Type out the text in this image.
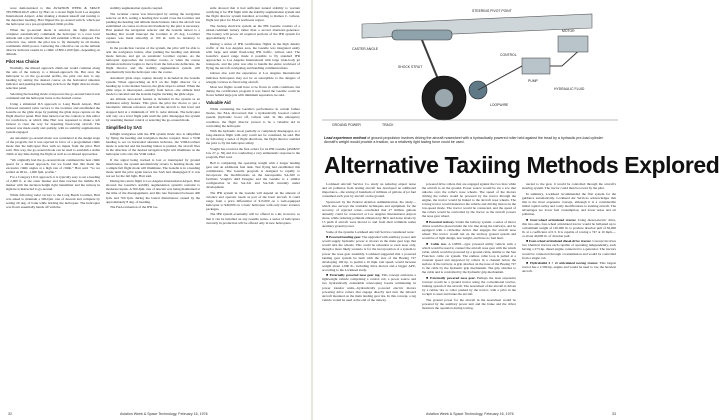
were demonstrated to this AVIATION WEEK & SPACE TECHNOLOGY editor by Hart on a recent flight from Los Angeles International Airport. After making a manual takeoff and turning to the departure heading, Hart flipped the go-around switch, which put the helicopter on a pre-programmed climb profile.

When the go-around mode is selected, the flight director computer automatically commands the helicopter to a rotor level attitude and a pitch attitude that will establish a 90-kt. airspeed. The collective cue, which the pilot has to fly manually in all modes, commands climb power. Centering the collective cue on the attitude director indicator results in a climb of 800-1,000 fpm., depending on altitude.

Pilot Has Choice

Normally, the missed approach climb-out would continue along the axis of the runway to a missed-approach fix. But once the helicopter is on the go-around profile, the pilot can turn to any heading by setting the desired course on the horizontal situation indicator and pushing the heading switch on the flight director mode-selection panel.

Selecting the heading mode overpowers the go-around lateral axis command and the helicopter turns to the desired course.

Using a simulated ILS approach to Long Beach Airport, Hart followed standard radar vectors to the localizer and established the Gazelle on the glide slope by pushing the glide slope capture on the flight director panel. Hart then turned over the controls to this editor for touchdown, at which time Hart was requested to make a left turnout to clear the way for departing fixed-wing aircraft. The turnout was made easily and quickly, with no stability augmentation system engaged.

An automatic go-around mode was considered at the design stage of the program, but it was rejected in favor of a programmed climb mode that the helicopter flies with no inputs from the pilot. Hart said. This way, the go-around mode can be used to establish a stable climb at any time during the flight as well as on missed approaches.

“We originally had the go-around mode command the best climb speed for a missed approach, but we found that this made the excessive climb angles at a high rate of climb,” Hart said. “So we settled on 90 kt., 1,000 fpm. profile.”

For a Category I ILS approach, it is typically easy to set a heading of 2,000 ft. at the outer marker and then reached the middle ILS marker with the decision height right transmitter and the runway in sight he is instructed to go-around.

While following radar vectors to the Long Beach localizer, Hart was asked to maintain a 500-fpm. rate of descent and complete by setting 20 deg. of bank while holding the helicopter. The helicopter was flown essentially hands off with the

stability augmentation system coupled.

The localizer course was intercepted by setting the navigation selector on ILS, setting a heading that would cross the localizer and pushing the heading and altitude mode buttons. Once the aircraft was established on course no more involvement by the pilot is necessary. Hart pushed the navigation selector and the Gazelle turned to a heading that would intercept the localizer at 45 deg. Localizer capture was made smoothly at 100 kt. with no tendency to overshoot.

In the production version of the system, the pilot will be able to arm the navigation button, after pushing the heading and altitude mode buttons, and get an automatic localizer capture. As the helicopter approaches the localizer course, or when the course deviation indicator begins to move from the full-scale deflection, the flight director and the stability augmentation system will automatically turn the helicopter onto the course.

Automatic glide slope capture already is included in the Gazelle system. When approaching an ILS on the flight director for a heading up to the marker beacon, the glide slope is armed. When the glide slope is intercepted—usually from below—the altitude hold mode is canceled and the Gazelle begins tracking the glide slope.

An altitude aero-level feature is included in the system as an additional safety feature. This gives the pilot the choice to put a barometric altitude reference and hold the aircraft to that level and stopped hold at a minimum of 100 ft. radar altitude. The helicopter will stay on a level flight path until the pilot disengages the system by assuming manual control or selecting the go-around mode.

Simplified by SAS

Inflight navigation with the IFR system mode also is simplified by flying the heading and navigation modes coupled. Once a VOR heading is set on horizontal situation indicator, the VOR/localizer mode is selected and the heading button is pushed, the aircraft flies in the direction of the desired navigation light will illuminate as the helicopter rolls onto the VOR radial.

If the signal being tracked is lost or interrupted by ground interference, the system automatically reverts to heading mode, and a simple full flight mode will illuminate. The Gazelle is in a heading mode until the pilot again knows the SAS had disengaged if it was not set for the fail light, Hart said.

During the return flight to Los Angeles International Airport, Hart showed the Gazelle's stability augmentation system's restraint to moderate inputs. A 500-fpm. rate of descent was being maintained at the time of the disengagement, and this rate fluctuated between 400 fpm. and 700 fpm. during the lateral disturbances caused by the approximately 8 deg. of heading.

The FAA evaluation of the IFR Ga-

zelle showed that it had sufficient natural stability to warrant certifying it for IFR flight with the stability augmentation system and the flight director system installed, according to Ramon C. Gibson, flight test pilot for FAA's northwest region.

The backup electrical system on the IFR Gazelle consists of a nickel-cadmium battery rather than a second alternator-generator. The battery will power all required portions of the IFR system for approximately 1 hr.

During a series of IFR certification flights in the high density traffic of the Los Angeles area, the Gazelle was integrated easily with large and small fixed-wing IFR traffic, Gibson said. The Gazelle's speed range made it possible to fly standard IFR approaches to Los Angeles International with large wide-body jet transports, and the pilot was able to handle the entire workload of flying the aircraft, navigating and handling communications.

Gibson also said the experience at Los Angeles International indicates helicopters may not be as susceptible to the dangers of wingtip vortices as fixed-wing aircraft.

Most test flights would have to be flown in calm conditions, but during the certification program it was found the Gazelle could be flown behind large jets with minimum separation, he said.

Valuable Aid

While evaluating the Gazelle's performance in certain failure modes, the FAA discovered that a hydraulically boosted control system (hydraulic boost off, Gibson said. In this emergency condition, the flight director proved to be a valuable aid in controlling the helicopter.

With the hydraulic boost partially or completely disengaged, as a long-duration flight with only could not be contained, he said. But by following a series of flight directions, the flight director enabled the pilot to fly the helicopter safely.

Vought has received the first orders for its IFR Gazelle (AW&ST Jan. 27, p. 59) and it is conducting a very enthusiastic response to the program, Hart said.

Bell is completing the operating weight with a longer landing gear and an additional fuel tank. Test flying had established this combination. The Gazelle program is designed to rapidly to incorporate the modifications on the Aérospatiale SA-360 to facilitate Vought's ARI Douglas and the Gazelle is a similar configuration in the SA-341 and SA-346 currently under development.

The IFR system in the Gazelle will depend on the amount of avionics and operator needs as part of the basic aircraft. It could range from a price differential of $15,000 on a well-equipped helicopter to $40,000 on a basic helicopter with only basic avionics packages.

The IFR system eventually will be offered as a kit, however, so that it can be installed on any Gazelle series, a series of helicopters currently in production will be offered only in new helicopters.

32	Aviation Week & Space Technology, February 16, 1976
STEERING PIVOT POINT
CASTER ANGLE
SHOCK STRUT
LOOPWIRE
GROUND POWER	TRACK
CONTROL
PUMP
HYDRAULIC FLUID
MOTOR
Lead experience method of ground propulsion involves driving the aircraft nosewheel with a hydraulically powered roller held against the tread by a hydraulic pre-load cylinder. Aircraft's weight would provide a traction, so a relatively light towing force could be used.
Alternative Taxiing Methods Explored

Lockheed Aircraft Service Co. study on reducing airport noise and air pollution from taxiing aircraft has developed an additional importance—the saving of hundreds of millions of gallons of jet fuel consumed each year by aircraft on the ground.

Sponsored by the Federal Aviation Administration, the study—which also surveys the available techniques and equipment for the recovery of rejected water—concluded that 27 million gallons annually could be conserved at Los Angeles International Airport alone, while reducing pollutant emission by 86% and noise levels by 15 pndb if aircraft were moved to and from their terminals under auxiliary ground power.

Some of the systems Lockheed Aircraft Service considered were:

■ Powered landing gear. The upgraded with auxiliary power unit would supply hydraulic power to motors in the main gear legs that would turn the wheels. This could be extended or even nose only, though a more likely scenario is for the incorporation of a system to power the nose gear assembly. Lockheed suggested that a powered landing gear system be built with the size of the Boeing 727 developing 100 hp. to permit a 10 mph. taxi speed, would increase weight about 1,000 lb., including drive motors and a bigger APU, according to the Lockheed study.

■ Externally powered nose gear tug. This concept envisions a lightweight vehicle comprising a control cab, a power source and two hydraulically extendable telescoping booms terminating in power transfer units—hydraulically powered electric motors powering drive rollers that engage directly and turn the inboard aircraft mounted on the main landing gear tire. In this concept, a tug vehicle would be used at the end of the runway.

powered drive rollers that are engaged against the two tires while the aircraft is on the ground. Power source would be via a tow that unlocks onto the roller's nose wheels. The speed of the motors driving the rollers would be powered by the tractor through the engine, the tractor would be linked to the aircraft nose wheels. The towing tractor would maneuver the vehicle and driving motors in the low-speed mode. The tractor would be connected, and the speed of the rollers would be controlled by the tractor as the aircraft powers the nose gear wheel.

■ Powered taxiway. Under the taxiway system, a series of motor drives would be placed under the tow line along the taxiways, and be equipped with a cable-like device that engages the aircraft nose wheel. The tractor would run on the taxiway ground system and would be of light design, less weight, and have no fuel burn.

■ Cable tow. A CMSP—type powered utility vehicle with a winch would be used to connect the aircraft nose gear with the winch cable, which would be powered by a ground cable, similar to the San Francisco cable car system. The endless cable loop is pulled at a constant speed and supported by rollers in a channel below the surface of the taxiway. A grip attaches on the nose of the Boeing 727 to the cable by the hydraulic grip mechanism. The grip attaches to the cable and is controlled by the hydraulic grip mechanism.

■ Externally powered nose gear. Perhaps the least expensive concept would be a ground tractor using the conventional towbar-braking system of the aircraft. The nosewheel of the aircraft is driven by a rubber tire or roller pushed by the tractor, with a pilot in the cockpit to steer and brake the aircraft.

The ground power for the aircraft in the nosewheel would be powered by the auxiliary power unit and the brake and the driver monitors the operation during towing.

nected to the gear, it would be controlled through the aircraft's steering system. The tractor could then be towed by the pilot.

In summary, Lockheed recommended the first system for the guidance automatically. Lockheed Air Services acknowledges that this is the most expensive concept, although it is a considerable initial capital outlay and costly modifications to existing aircraft. The advantages are lower fuel consumption, and lower noise and air pollution.

■ Four-wheel articulated tractor. Using diesel-electric drive, this two-axle, four-wheel articulated tractor would be ballasted up to a maximum weight of 120,000 lb. to produce drawbar pull of 36,000 lb. at a coefficient of 0.3. It is capable of towing a 747 at 10 mph.—or about 40,000 lb. of drawbar pull.

■ Four-wheel articulated diesel-drive tractor. Concept involves two identical tractors each capable of operating independently, each having a 273-hp. diesel engine connected to a generator. The tractors would be connected through a transmission and would be controlled from a single cab.

■ Hydrobuild 4 × 2i articulated towing tractor. This largest tractor has a 1,500-hp. engine and would be used to tow the heaviest aircraft.

Aviation Week & Space Technology, February 16, 1976	33
